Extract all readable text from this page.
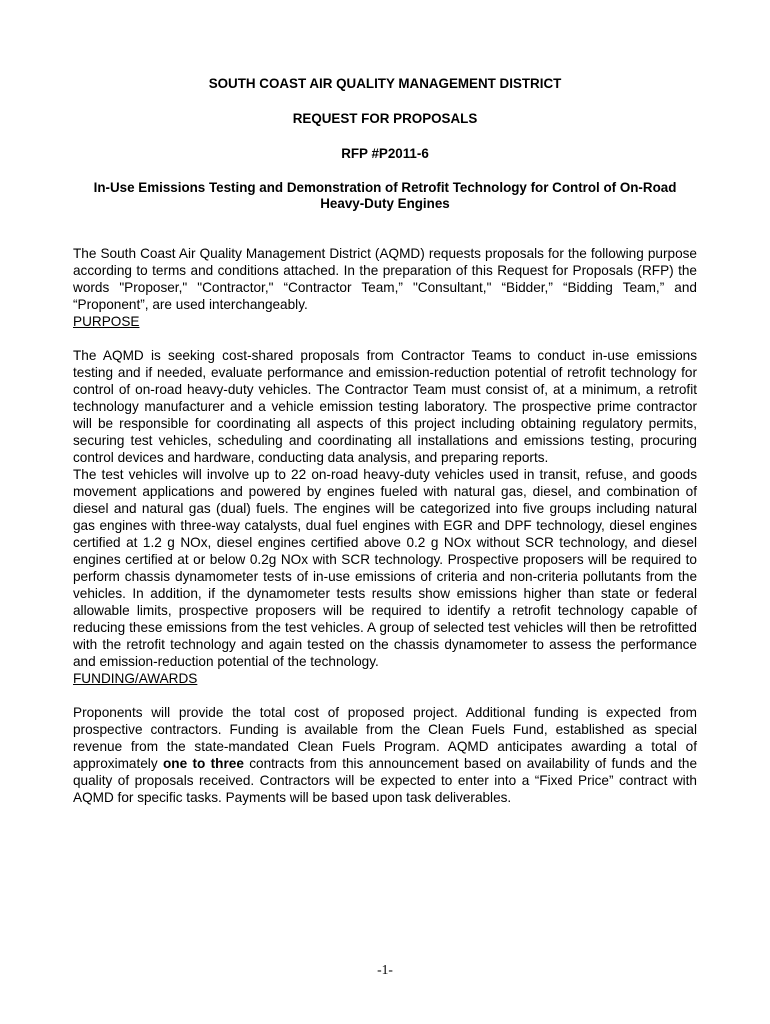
SOUTH COAST AIR QUALITY MANAGEMENT DISTRICT
REQUEST FOR PROPOSALS
RFP #P2011-6
In-Use Emissions Testing and Demonstration of Retrofit Technology for Control of On-Road Heavy-Duty Engines

The South Coast Air Quality Management District (AQMD) requests proposals for the following purpose according to terms and conditions attached. In the preparation of this Request for Proposals (RFP) the words "Proposer," "Contractor," “Contractor Team,” "Consultant," “Bidder,” “Bidding Team,” and “Proponent”, are used interchangeably.

PURPOSE

The AQMD is seeking cost-shared proposals from Contractor Teams to conduct in-use emissions testing and if needed, evaluate performance and emission-reduction potential of retrofit technology for control of on-road heavy-duty vehicles. The Contractor Team must consist of, at a minimum, a retrofit technology manufacturer and a vehicle emission testing laboratory. The prospective prime contractor will be responsible for coordinating all aspects of this project including obtaining regulatory permits, securing test vehicles, scheduling and coordinating all installations and emissions testing, procuring control devices and hardware, conducting data analysis, and preparing reports.

The test vehicles will involve up to 22 on-road heavy-duty vehicles used in transit, refuse, and goods movement applications and powered by engines fueled with natural gas, diesel, and combination of diesel and natural gas (dual) fuels. The engines will be categorized into five groups including natural gas engines with three-way catalysts, dual fuel engines with EGR and DPF technology, diesel engines certified at 1.2 g NOx, diesel engines certified above 0.2 g NOx without SCR technology, and diesel engines certified at or below 0.2g NOx with SCR technology. Prospective proposers will be required to perform chassis dynamometer tests of in-use emissions of criteria and non-criteria pollutants from the vehicles. In addition, if the dynamometer tests results show emissions higher than state or federal allowable limits, prospective proposers will be required to identify a retrofit technology capable of reducing these emissions from the test vehicles. A group of selected test vehicles will then be retrofitted with the retrofit technology and again tested on the chassis dynamometer to assess the performance and emission-reduction potential of the technology.

FUNDING/AWARDS

Proponents will provide the total cost of proposed project. Additional funding is expected from prospective contractors. Funding is available from the Clean Fuels Fund, established as special revenue from the state-mandated Clean Fuels Program. AQMD anticipates awarding a total of approximately one to three contracts from this announcement based on availability of funds and the quality of proposals received. Contractors will be expected to enter into a “Fixed Price” contract with AQMD for specific tasks. Payments will be based upon task deliverables.

-1-
